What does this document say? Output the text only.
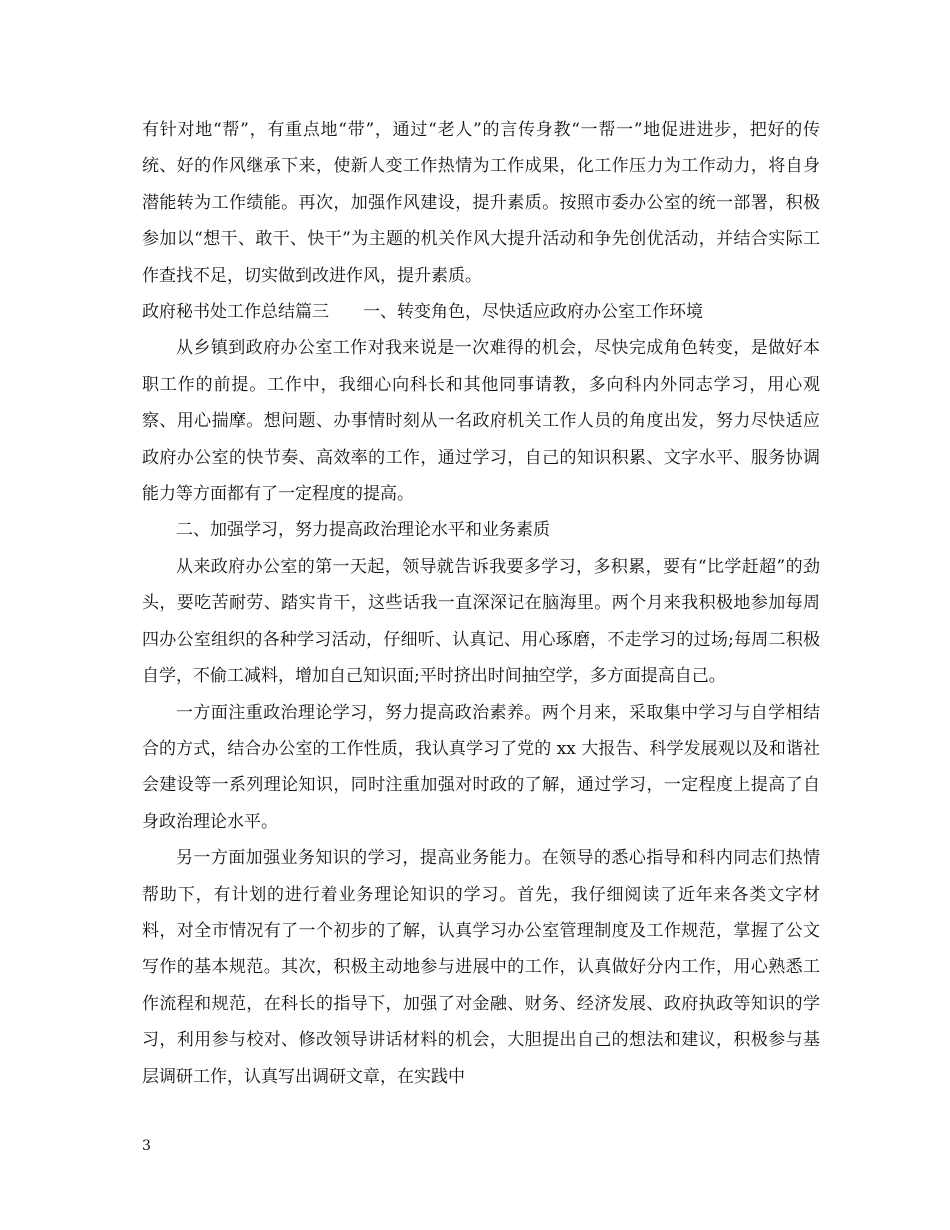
有针对地“帮”，有重点地“带”，通过“老人”的言传身教“一帮一”地促进进步，把好的传统、好的作风继承下来，使新人变工作热情为工作成果，化工作压力为工作动力，将自身潜能转为工作绩能。再次，加强作风建设，提升素质。按照市委办公室的统一部署，积极参加以“想干、敢干、快干”为主题的机关作风大提升活动和争先创优活动，并结合实际工作查找不足，切实做到改进作风，提升素质。

政府秘书处工作总结篇三　　一、转变角色，尽快适应政府办公室工作环境

从乡镇到政府办公室工作对我来说是一次难得的机会，尽快完成角色转变，是做好本职工作的前提。工作中，我细心向科长和其他同事请教，多向科内外同志学习，用心观察、用心揣摩。想问题、办事情时刻从一名政府机关工作人员的角度出发，努力尽快适应政府办公室的快节奏、高效率的工作，通过学习，自己的知识积累、文字水平、服务协调能力等方面都有了一定程度的提高。

二、加强学习，努力提高政治理论水平和业务素质

从来政府办公室的第一天起，领导就告诉我要多学习，多积累，要有“比学赶超”的劲头，要吃苦耐劳、踏实肯干，这些话我一直深深记在脑海里。两个月来我积极地参加每周四办公室组织的各种学习活动，仔细听、认真记、用心琢磨，不走学习的过场;每周二积极自学，不偷工减料，增加自己知识面;平时挤出时间抽空学，多方面提高自己。

一方面注重政治理论学习，努力提高政治素养。两个月来，采取集中学习与自学相结合的方式，结合办公室的工作性质，我认真学习了党的 xx 大报告、科学发展观以及和谐社会建设等一系列理论知识，同时注重加强对时政的了解，通过学习，一定程度上提高了自身政治理论水平。

另一方面加强业务知识的学习，提高业务能力。在领导的悉心指导和科内同志们热情帮助下，有计划的进行着业务理论知识的学习。首先，我仔细阅读了近年来各类文字材料，对全市情况有了一个初步的了解，认真学习办公室管理制度及工作规范，掌握了公文写作的基本规范。其次，积极主动地参与进展中的工作，认真做好分内工作，用心熟悉工作流程和规范，在科长的指导下，加强了对金融、财务、经济发展、政府执政等知识的学习，利用参与校对、修改领导讲话材料的机会，大胆提出自己的想法和建议，积极参与基层调研工作，认真写出调研文章，在实践中

3
